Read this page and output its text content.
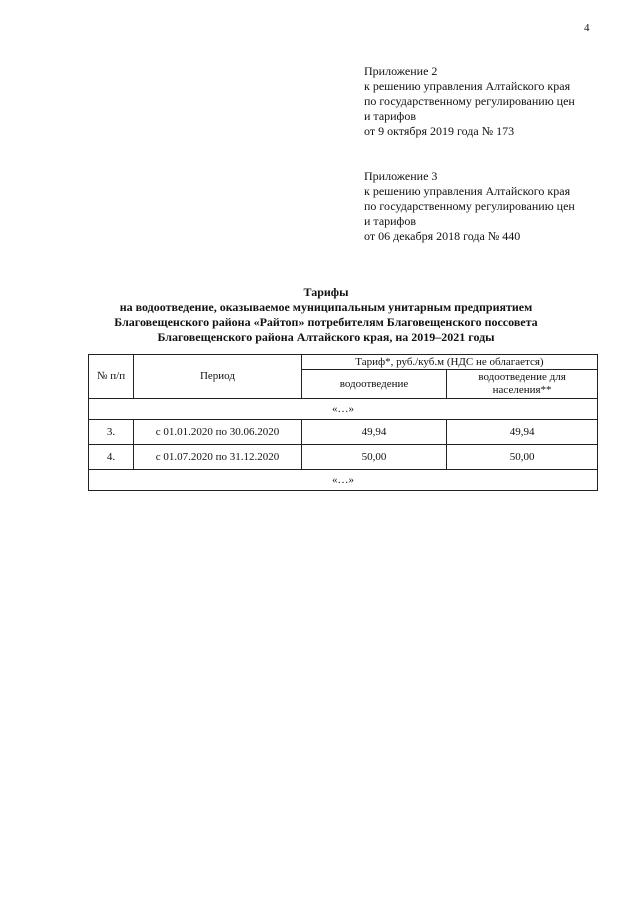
4
Приложение 2
к решению управления Алтайского края
по государственному регулированию цен
и тарифов
от 9 октября 2019 года № 173
Приложение 3
к решению управления Алтайского края
по государственному регулированию цен
и тарифов
от 06 декабря 2018 года № 440
Тарифы
на водоотведение, оказываемое муниципальным унитарным предприятием
Благовещенского района «Райтоп» потребителям Благовещенского поссовета
Благовещенского района Алтайского края, на 2019–2021 годы
№ п/п	Период	Тариф*, руб./куб.м (НДС не облагается)	
		водоотведение	водоотведение для населения**
«…»			
3.	с 01.01.2020 по 30.06.2020	49,94	49,94
4.	с 01.07.2020 по 31.12.2020	50,00	50,00
«…»			
